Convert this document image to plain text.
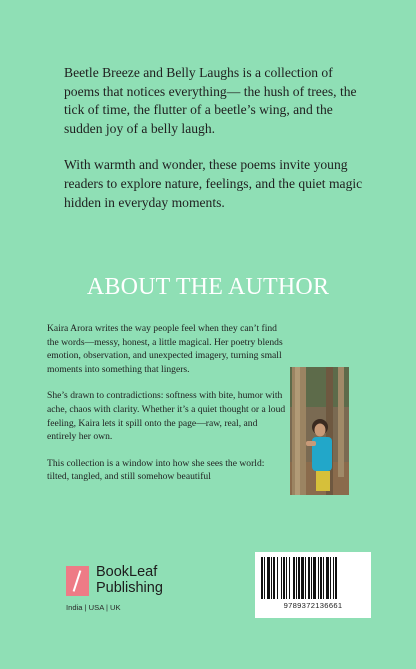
Beetle Breeze and Belly Laughs is a collection of poems that notices everything— the hush of trees, the tick of time, the flutter of a beetle’s wing, and the sudden joy of a belly laugh.

With warmth and wonder, these poems invite young readers to explore nature, feelings, and the quiet magic hidden in everyday moments.

ABOUT THE AUTHOR

Kaira Arora writes the way people feel when they can’t find the words—messy, honest, a little magical. Her poetry blends emotion, observation, and unexpected imagery, turning small moments into something that lingers.

She’s drawn to contradictions: softness with bite, humor with ache, chaos with clarity. Whether it’s a quiet thought or a loud feeling, Kaira lets it spill onto the page—raw, real, and entirely her own.

This collection is a window into how she sees the world: tilted, tangled, and still somehow beautiful

BookLeaf
Publishing
India | USA | UK	9789372136661
